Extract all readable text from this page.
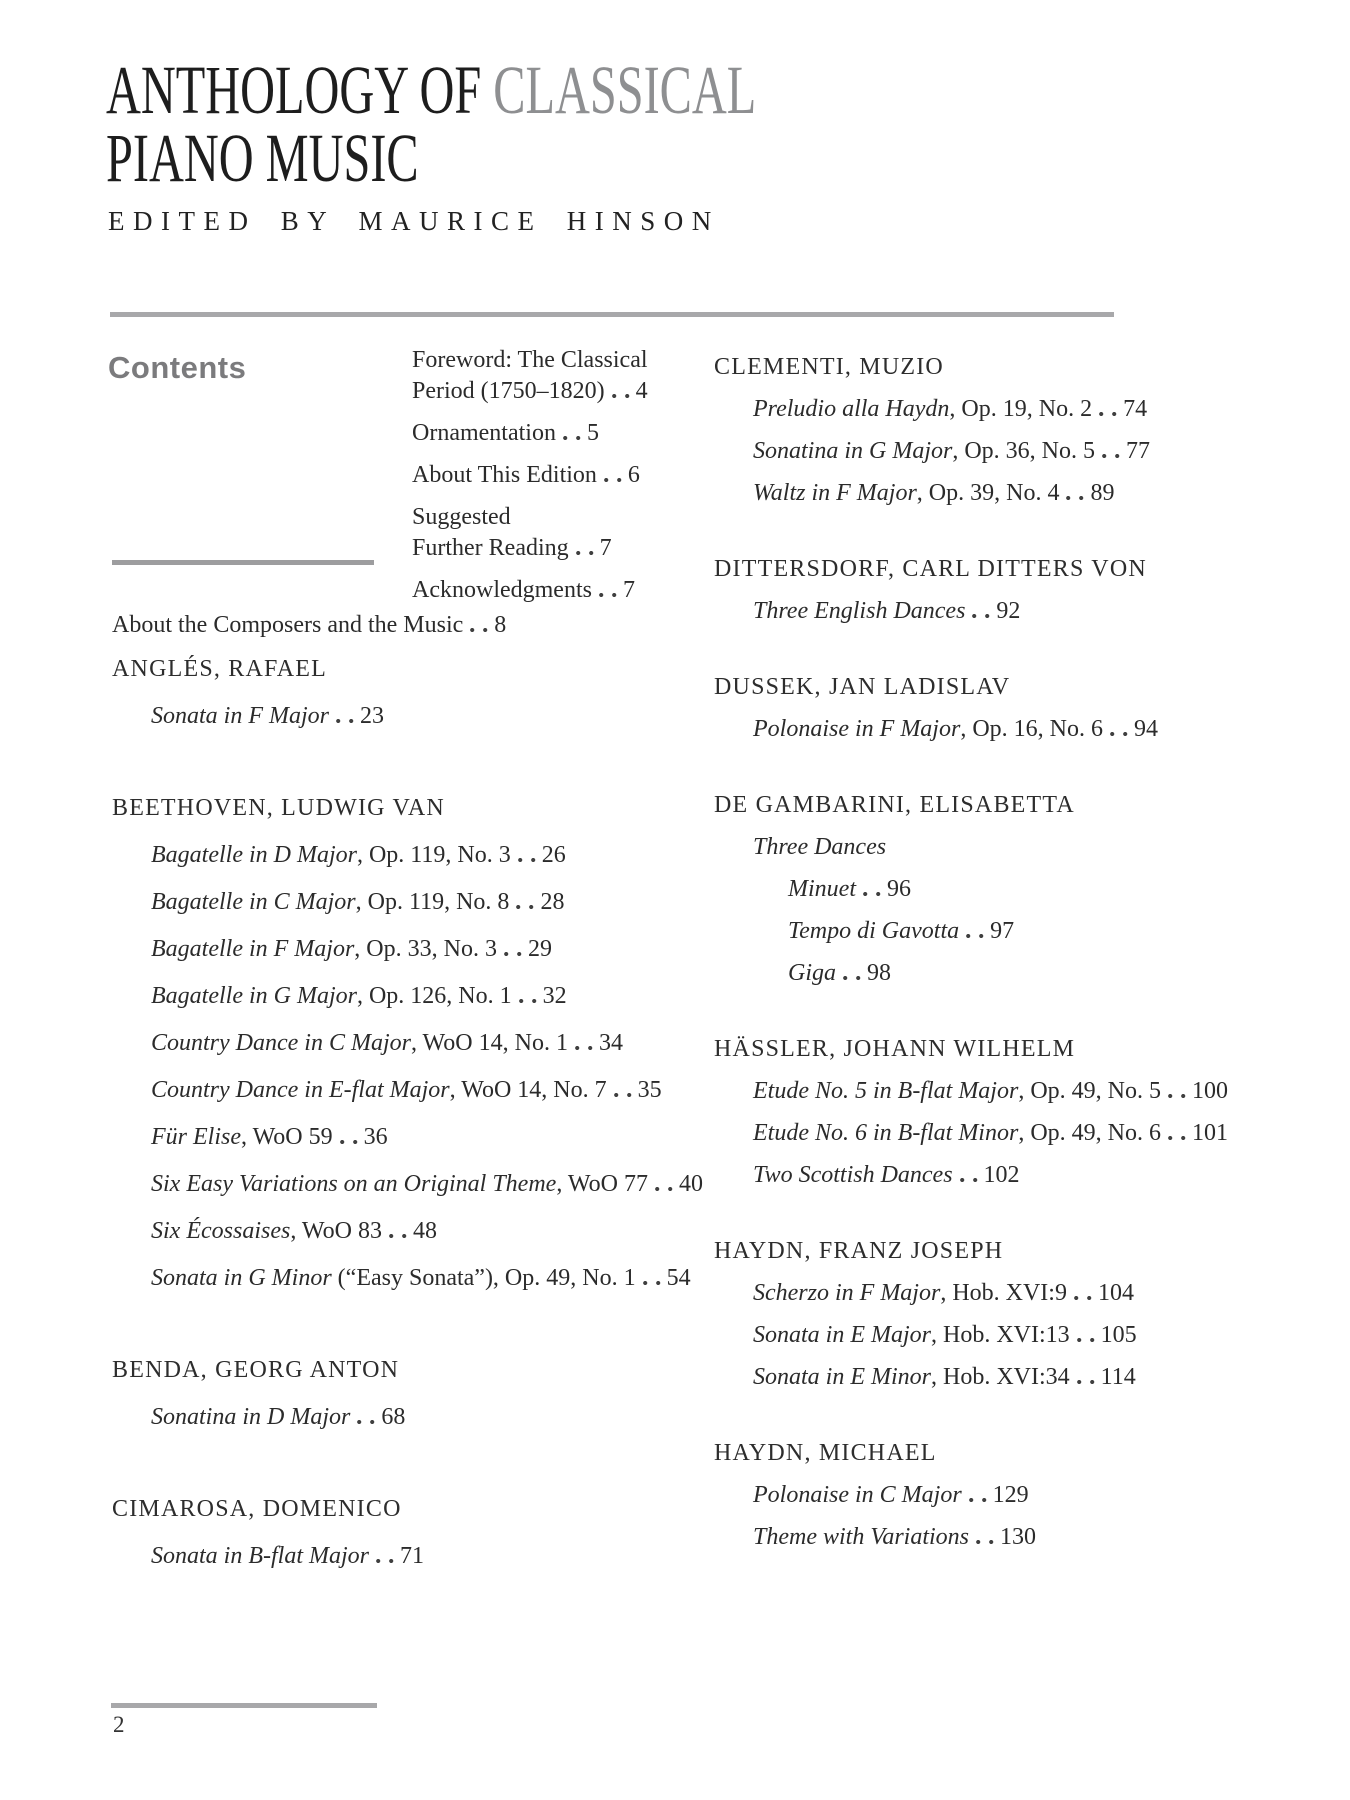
ANTHOLOGY OF CLASSICAL
PIANO MUSIC
EDITED BY MAURICE HINSON
Contents	Foreword: The Classical
Period (1750–1820) 4
Ornamentation 5
About This Edition 6
Suggested
Further Reading 7
Acknowledgments 7
About the Composers and the Music 8
ANGLÉS, RAFAEL
Sonata in F Major 23
BEETHOVEN, LUDWIG VAN
Bagatelle in D Major , Op. 119, No. 3 26
Bagatelle in C Major , Op. 119, No. 8 28
Bagatelle in F Major , Op. 33, No. 3 29
Bagatelle in G Major , Op. 126, No. 1 32
Country Dance in C Major , WoO 14, No. 1 34
Country Dance in E-flat Major , WoO 14, No. 7 35
Für Elise , WoO 59 36
Six Easy Variations on an Original Theme , WoO 77 40
Six Écossaises , WoO 83 48
Sonata in G Minor (“Easy Sonata”), Op. 49, No. 1 54
BENDA, GEORG ANTON
Sonatina in D Major 68
CIMAROSA, DOMENICO
Sonata in B-flat Major 71
CLEMENTI, MUZIO
Preludio alla Haydn , Op. 19, No. 2 74
Sonatina in G Major , Op. 36, No. 5 77
Waltz in F Major , Op. 39, No. 4 89
DITTERSDORF, CARL DITTERS VON
Three English Dances 92
DUSSEK, JAN LADISLAV
Polonaise in F Major , Op. 16, No. 6 94
DE GAMBARINI, ELISABETTA
Three Dances
Minuet 96
Tempo di Gavotta 97
Giga 98
HÄSSLER, JOHANN WILHELM
Etude No. 5 in B-flat Major , Op. 49, No. 5 100
Etude No. 6 in B-flat Minor , Op. 49, No. 6 101
Two Scottish Dances 102
HAYDN, FRANZ JOSEPH
Scherzo in F Major , Hob. XVI:9 104
Sonata in E Major , Hob. XVI:13 105
Sonata in E Minor , Hob. XVI:34 114
HAYDN, MICHAEL
Polonaise in C Major 129
Theme with Variations 130
2
